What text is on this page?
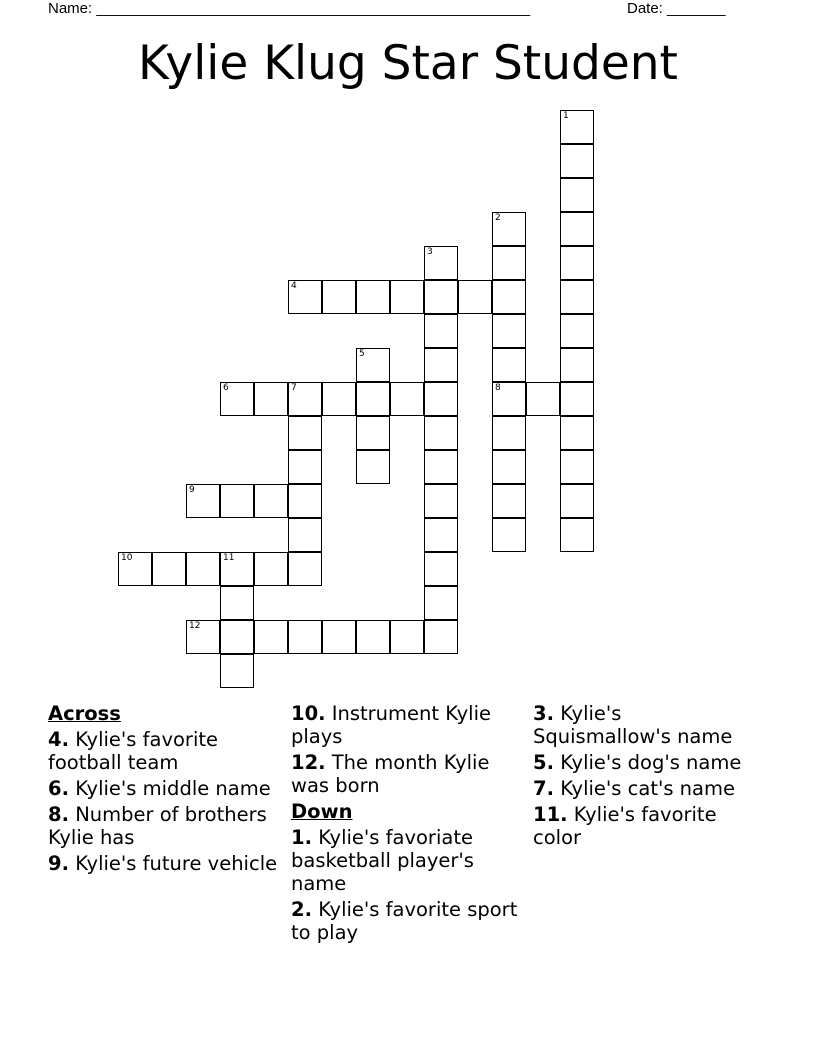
Name: ____________________________________________________	Date: _______
Kylie Klug Star Student
1
2
8
3
4
5
6	7
9
10	11
12
Across
4. Kylie's favorite football team
6. Kylie's middle name
8. Number of brothers Kylie has
9. Kylie's future vehicle
10. Instrument Kylie plays
12. The month Kylie was born
Down
1. Kylie's favoriate basketball player's name
2. Kylie's favorite sport to play
3. Kylie's Squismallow's name
5. Kylie's dog's name
7. Kylie's cat's name
11. Kylie's favorite color
